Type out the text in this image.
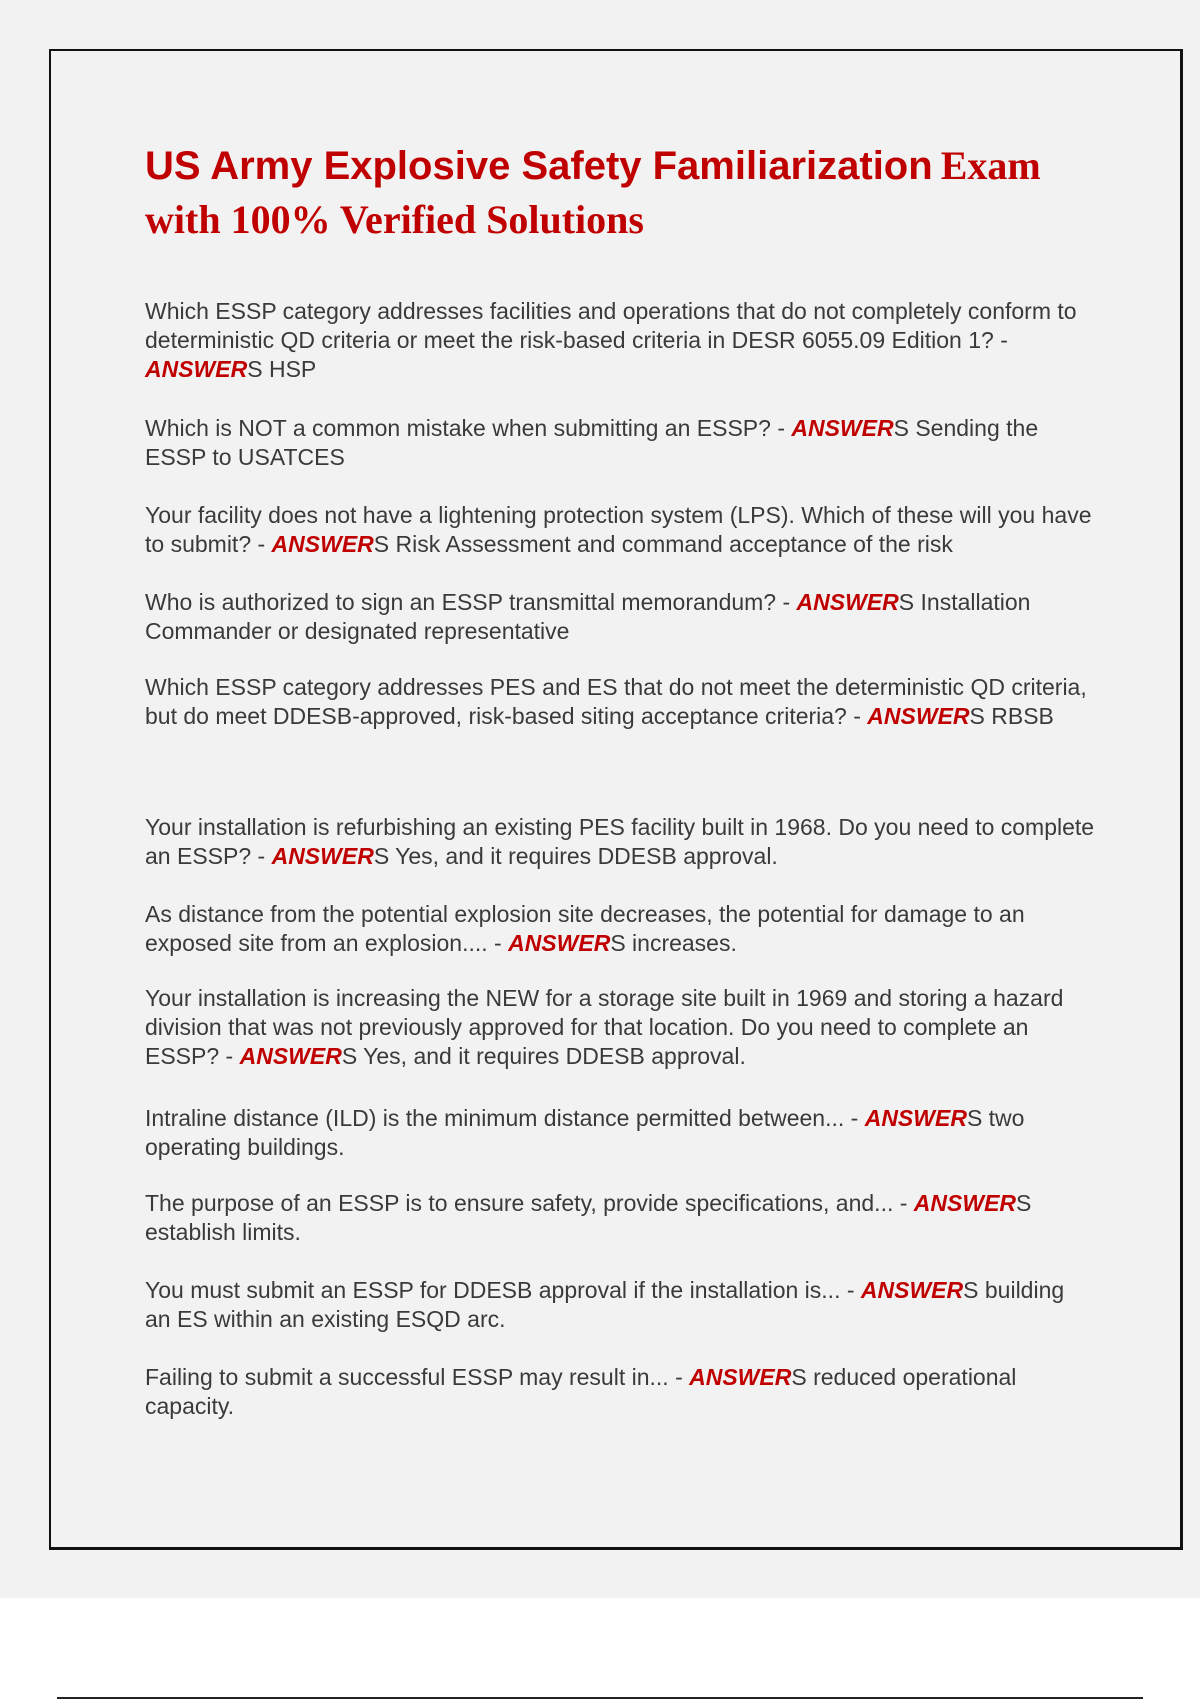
US Army Explosive Safety Familiarization Exam
with 100% Verified Solutions

Which ESSP category addresses facilities and operations that do not completely conform to deterministic QD criteria or meet the risk-based criteria in DESR 6055.09 Edition 1? - ANSWERS HSP

Which is NOT a common mistake when submitting an ESSP? - ANSWERS Sending the ESSP to USATCES

Your facility does not have a lightening protection system (LPS). Which of these will you have to submit? - ANSWERS Risk Assessment and command acceptance of the risk

Who is authorized to sign an ESSP transmittal memorandum? - ANSWERS Installation Commander or designated representative

Which ESSP category addresses PES and ES that do not meet the deterministic QD criteria, but do meet DDESB-approved, risk-based siting acceptance criteria? - ANSWERS RBSB

Your installation is refurbishing an existing PES facility built in 1968. Do you need to complete an ESSP? - ANSWERS Yes, and it requires DDESB approval.

As distance from the potential explosion site decreases, the potential for damage to an exposed site from an explosion.... - ANSWERS increases.

Your installation is increasing the NEW for a storage site built in 1969 and storing a hazard division that was not previously approved for that location. Do you need to complete an ESSP? - ANSWERS Yes, and it requires DDESB approval.

Intraline distance (ILD) is the minimum distance permitted between... - ANSWERS two operating buildings.

The purpose of an ESSP is to ensure safety, provide specifications, and... - ANSWERS establish limits.

You must submit an ESSP for DDESB approval if the installation is... - ANSWERS building an ES within an existing ESQD arc.

Failing to submit a successful ESSP may result in... - ANSWERS reduced operational capacity.
